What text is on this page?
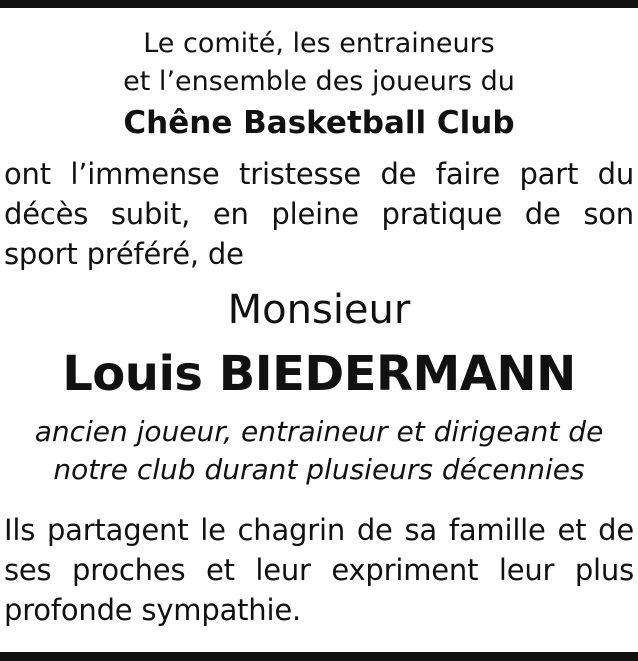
Le comité, les entraineurs
et l’ensemble des joueurs du
Chêne Basketball Club
ont l’immense tristesse de faire part du
décès subit, en pleine pratique de son
sport préféré, de
Monsieur
Louis BIEDERMANN
ancien joueur, entraineur et dirigeant de
notre club durant plusieurs décennies
Ils partagent le chagrin de sa famille et de
ses proches et leur expriment leur plus
profonde sympathie.
